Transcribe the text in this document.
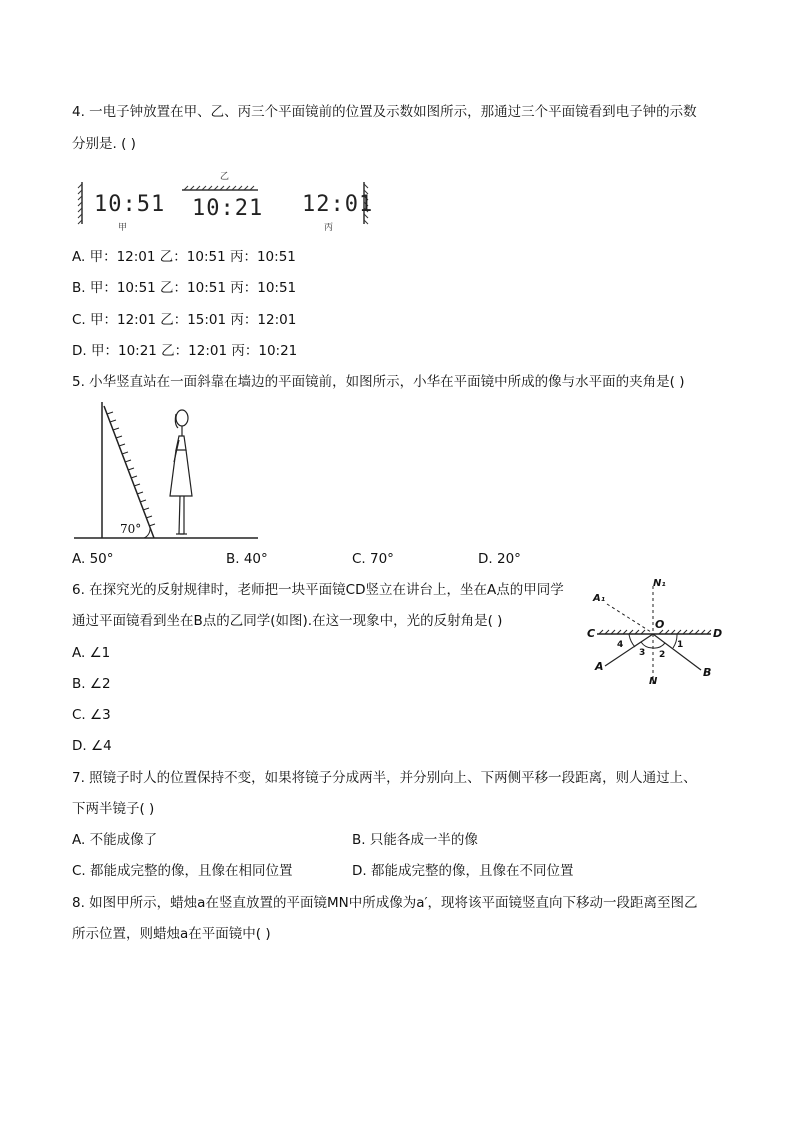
4. 一电子钟放置在甲、乙、丙三个平面镜前的位置及示数如图所示，那通过三个平面镜看到电子钟的示数
分别是. ( )
10:51
甲
10:21
乙
12:01
丙
A. 甲：12:01 乙：10:51 丙：10:51
B. 甲：10:51 乙：10:51 丙：10:51
C. 甲：12:01 乙：15:01 丙：12:01
D. 甲：10:21 乙：12:01 丙：10:21
5. 小华竖直站在一面斜靠在墙边的平面镜前，如图所示，小华在平面镜中所成的像与水平面的夹角是( )
70°
A. 50°	B. 40°	C. 70°	D. 20°
6. 在探究光的反射规律时，老师把一块平面镜CD竖立在讲台上，坐在A点的甲同学
通过平面镜看到坐在B点的乙同学(如图).在这一现象中，光的反射角是( )
N₁
A₁
O
C	D
A	B
N
1
2
3
4
A. ∠1
B. ∠2
C. ∠3
D. ∠4
7. 照镜子时人的位置保持不变，如果将镜子分成两半，并分别向上、下两侧平移一段距离，则人通过上、
下两半镜子( )
A. 不能成像了	B. 只能各成一半的像
C. 都能成完整的像，且像在相同位置	D. 都能成完整的像，且像在不同位置
8. 如图甲所示，蜡烛a在竖直放置的平面镜MN中所成像为a′，现将该平面镜竖直向下移动一段距离至图乙
所示位置，则蜡烛a在平面镜中( )
